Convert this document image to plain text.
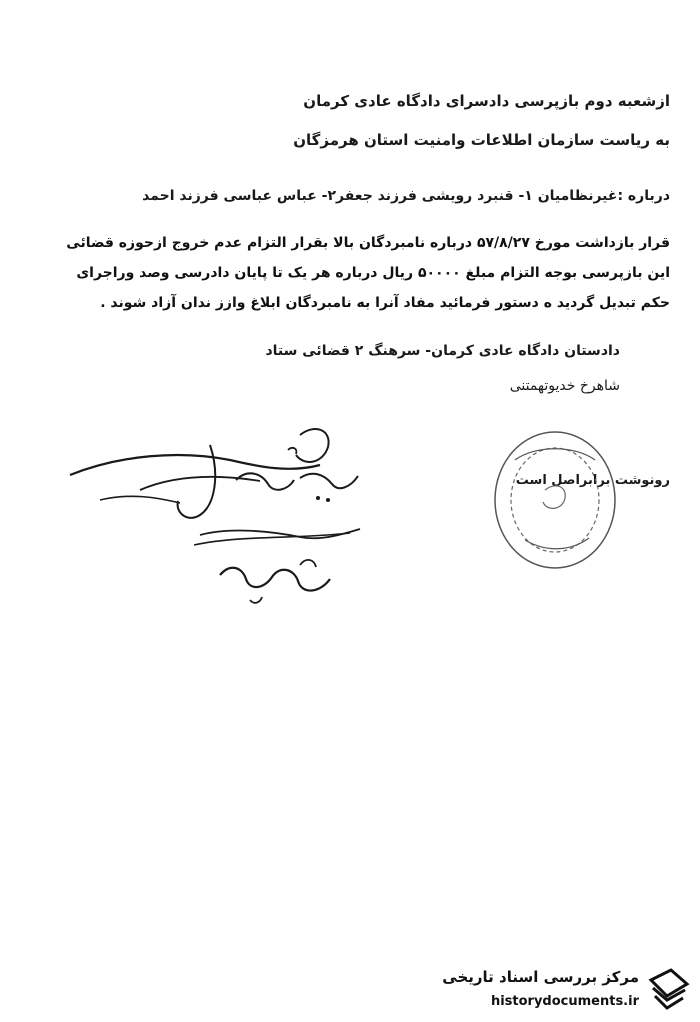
ازشعبه دوم بازپرسی دادسرای دادگاه عادی کرمان
به ریاست سازمان اطلاعات وامنیت استان هرمزگان
درباره :غیرنظامیان ۱- قنبرد رویشی فرزند جعفر۲- عباس عباسی فرزند احمد

قرار بازداشت مورخ ۵۷/۸/۲۷ درباره نامبردگان بالا بقرار التزام عدم خروج ازحوزه قضائی

این بازپرسی بوجه التزام مبلغ ۵۰۰۰۰ ریال درباره هر یک تا پایان دادرسی وصد وراجرای

حکم تبدیل گردید ه دستور فرمائید مفاد آنرا به نامبردگان ابلاغ وازز ندان آزاد شوند .

دادستان دادگاه عادی کرمان- سرهنگ ۲ قضائی ستاد
شاهرخ خدیوتهمتنی
رونوشت برابراصل است
مرکز بررسی اسناد تاریخی
historydocuments.ir
